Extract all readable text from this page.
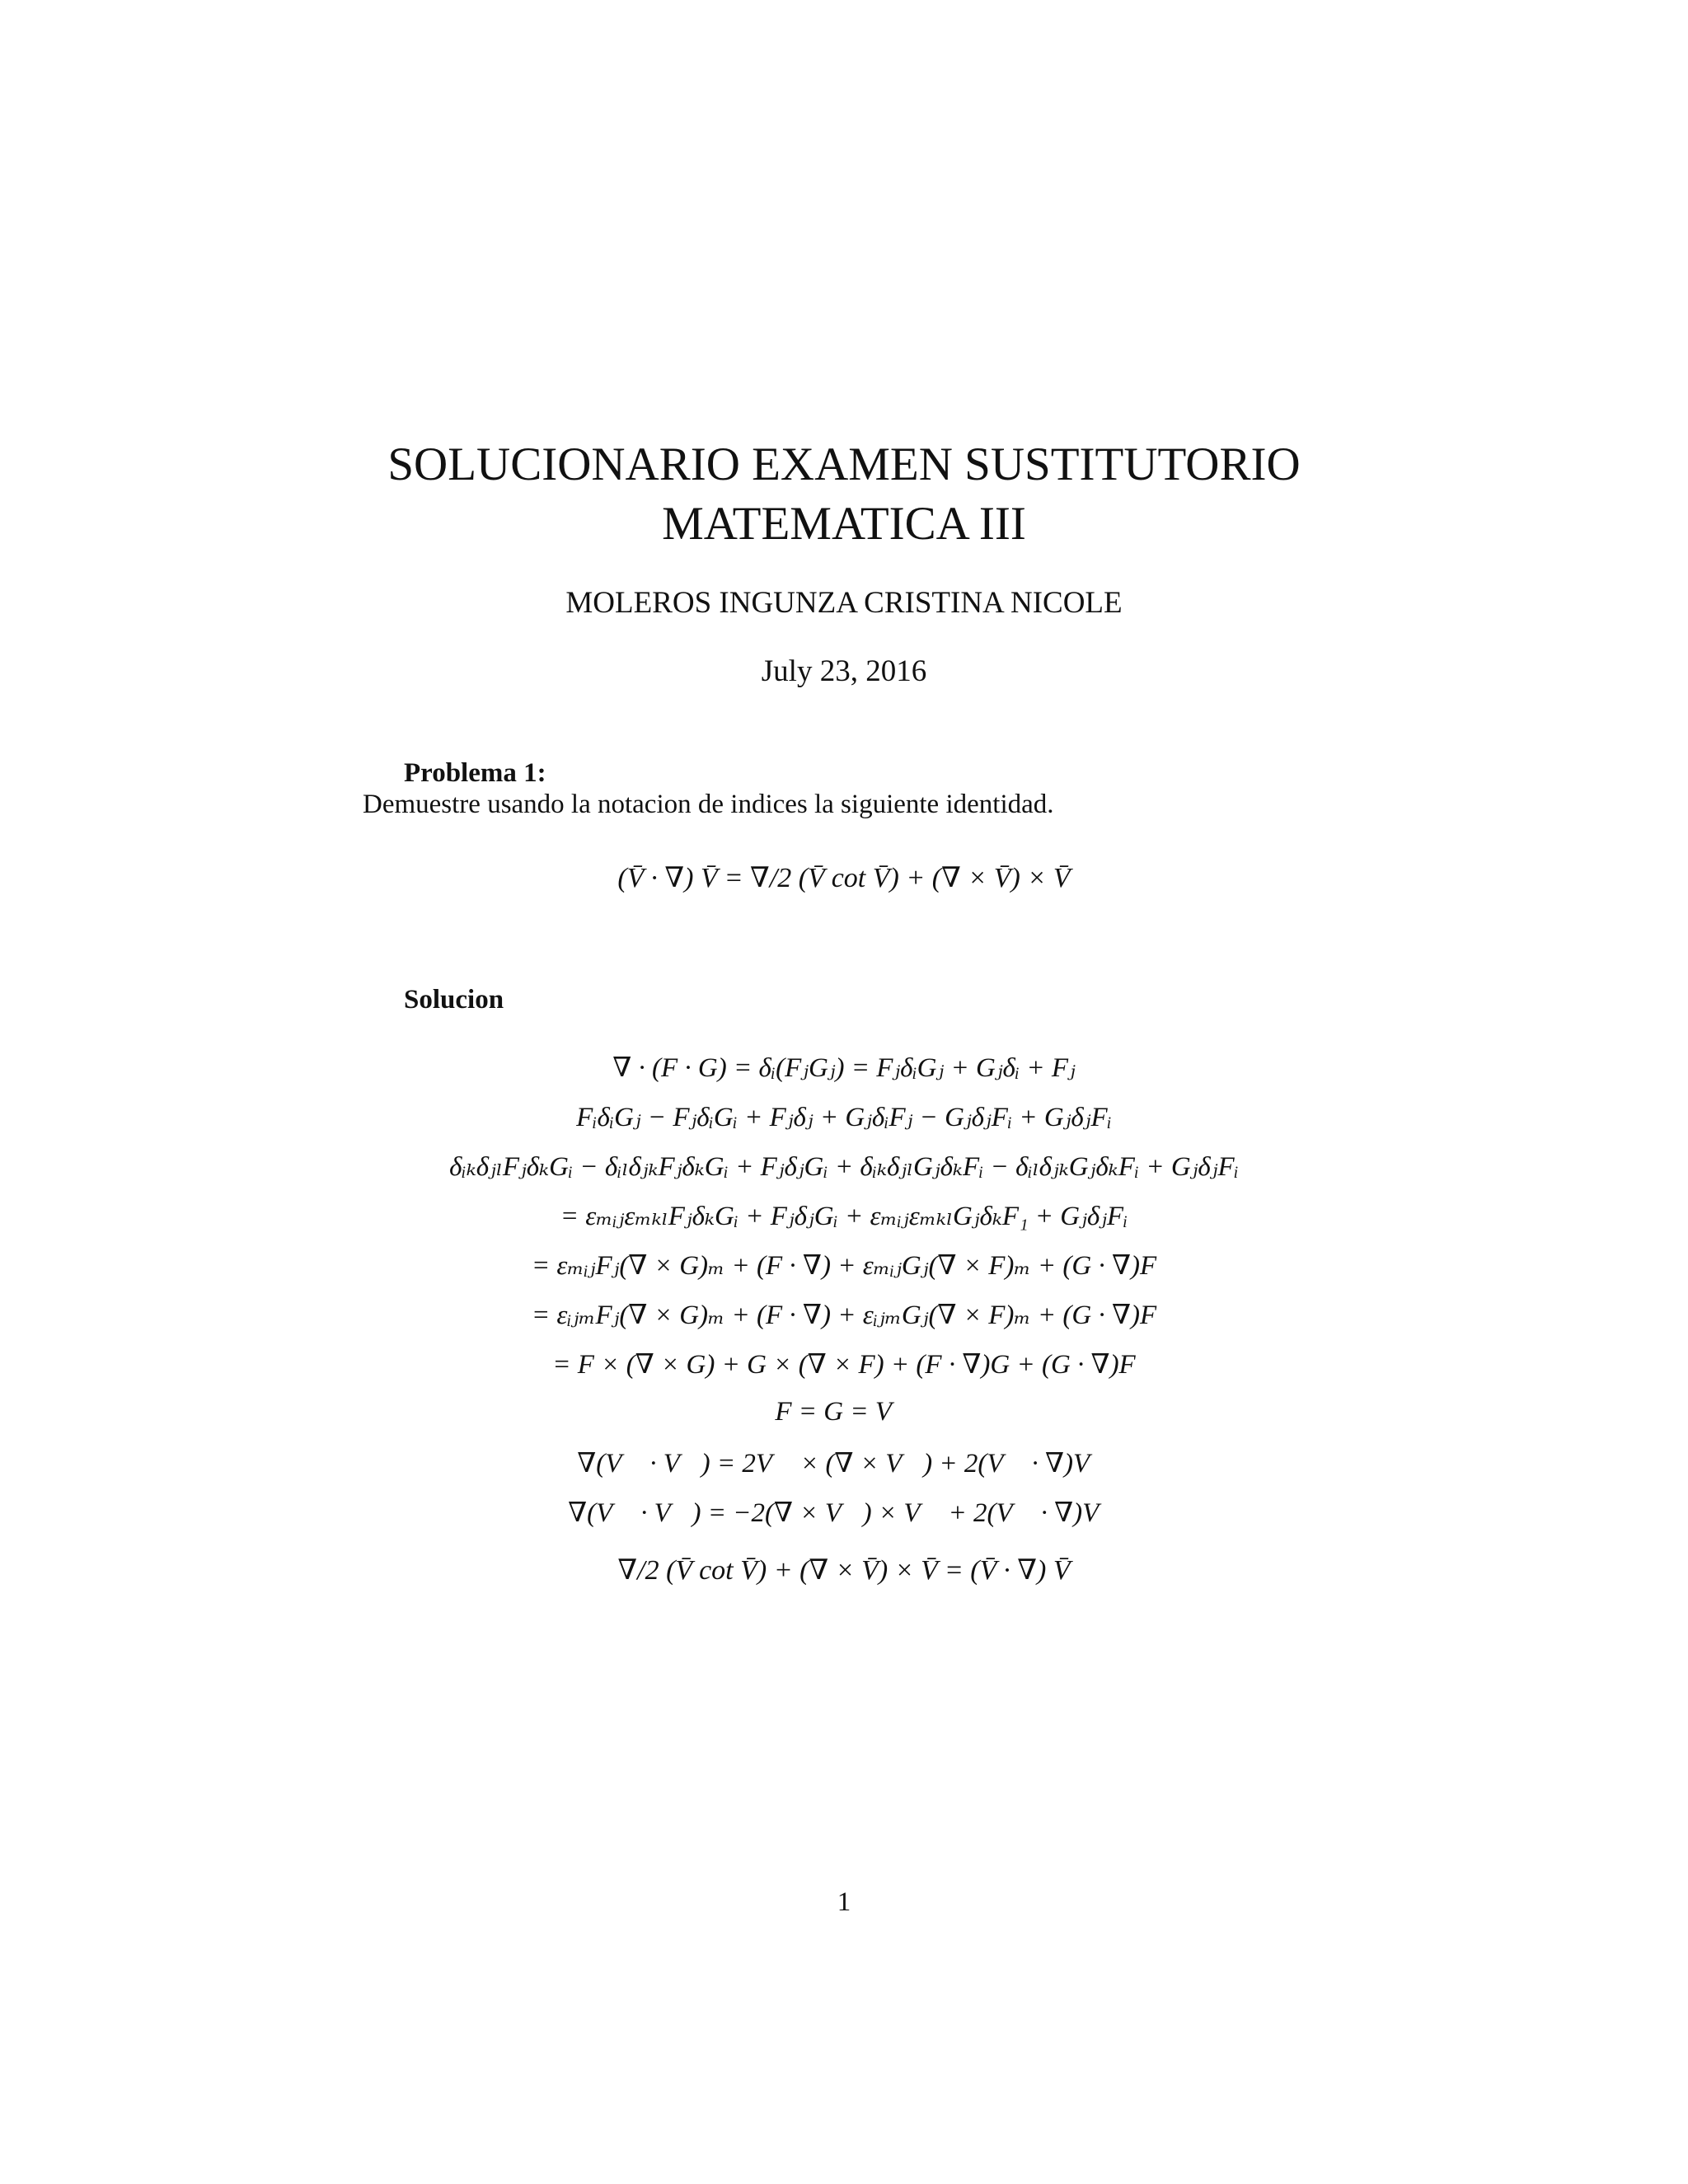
SOLUCIONARIO EXAMEN SUSTITUTORIO
MATEMATICA III
MOLEROS INGUNZA CRISTINA NICOLE
July 23, 2016
Problema 1:
Demuestre usando la notacion de indices la siguiente identidad.
(V̄ · ∇) V̄ = ∇/2 (V̄ cot V̄) + (∇ × V̄) × V̄
Solucion
∇ · (F · G) = δᵢ(FⱼGⱼ) = FⱼδᵢGⱼ + Gⱼδᵢ + Fⱼ
FᵢδᵢGⱼ − FⱼδᵢGᵢ + Fⱼδⱼ + GⱼδᵢFⱼ − GⱼδⱼFᵢ + GⱼδⱼFᵢ
δᵢₖδⱼₗFⱼδₖGᵢ − δᵢₗδⱼₖFⱼδₖGᵢ + FⱼδⱼGᵢ + δᵢₖδⱼₗGⱼδₖFᵢ − δᵢₗδⱼₖGⱼδₖFᵢ + GⱼδⱼFᵢ
= εₘᵢⱼεₘₖₗFⱼδₖGᵢ + FⱼδⱼGᵢ + εₘᵢⱼεₘₖₗGⱼδₖF₁ + GⱼδⱼFᵢ
= εₘᵢⱼFⱼ(∇ × G)ₘ + (F · ∇) + εₘᵢⱼGⱼ(∇ × F)ₘ + (G · ∇)F
= εᵢⱼₘFⱼ(∇ × G)ₘ + (F · ∇) + εᵢⱼₘGⱼ(∇ × F)ₘ + (G · ∇)F
= F × (∇ × G) + G × (∇ × F) + (F · ∇)G + (G · ∇)F
F = G = V⃗
∇(V⃗ · V⃗) = 2V⃗ × (∇ × V⃗) + 2(V⃗ · ∇)V⃗
∇(V⃗ · V⃗) = −2(∇ × V⃗) × V⃗ + 2(V⃗ · ∇)V⃗
∇/2 (V̄ cot V̄) + (∇ × V̄) × V̄ = (V̄ · ∇) V̄
1
